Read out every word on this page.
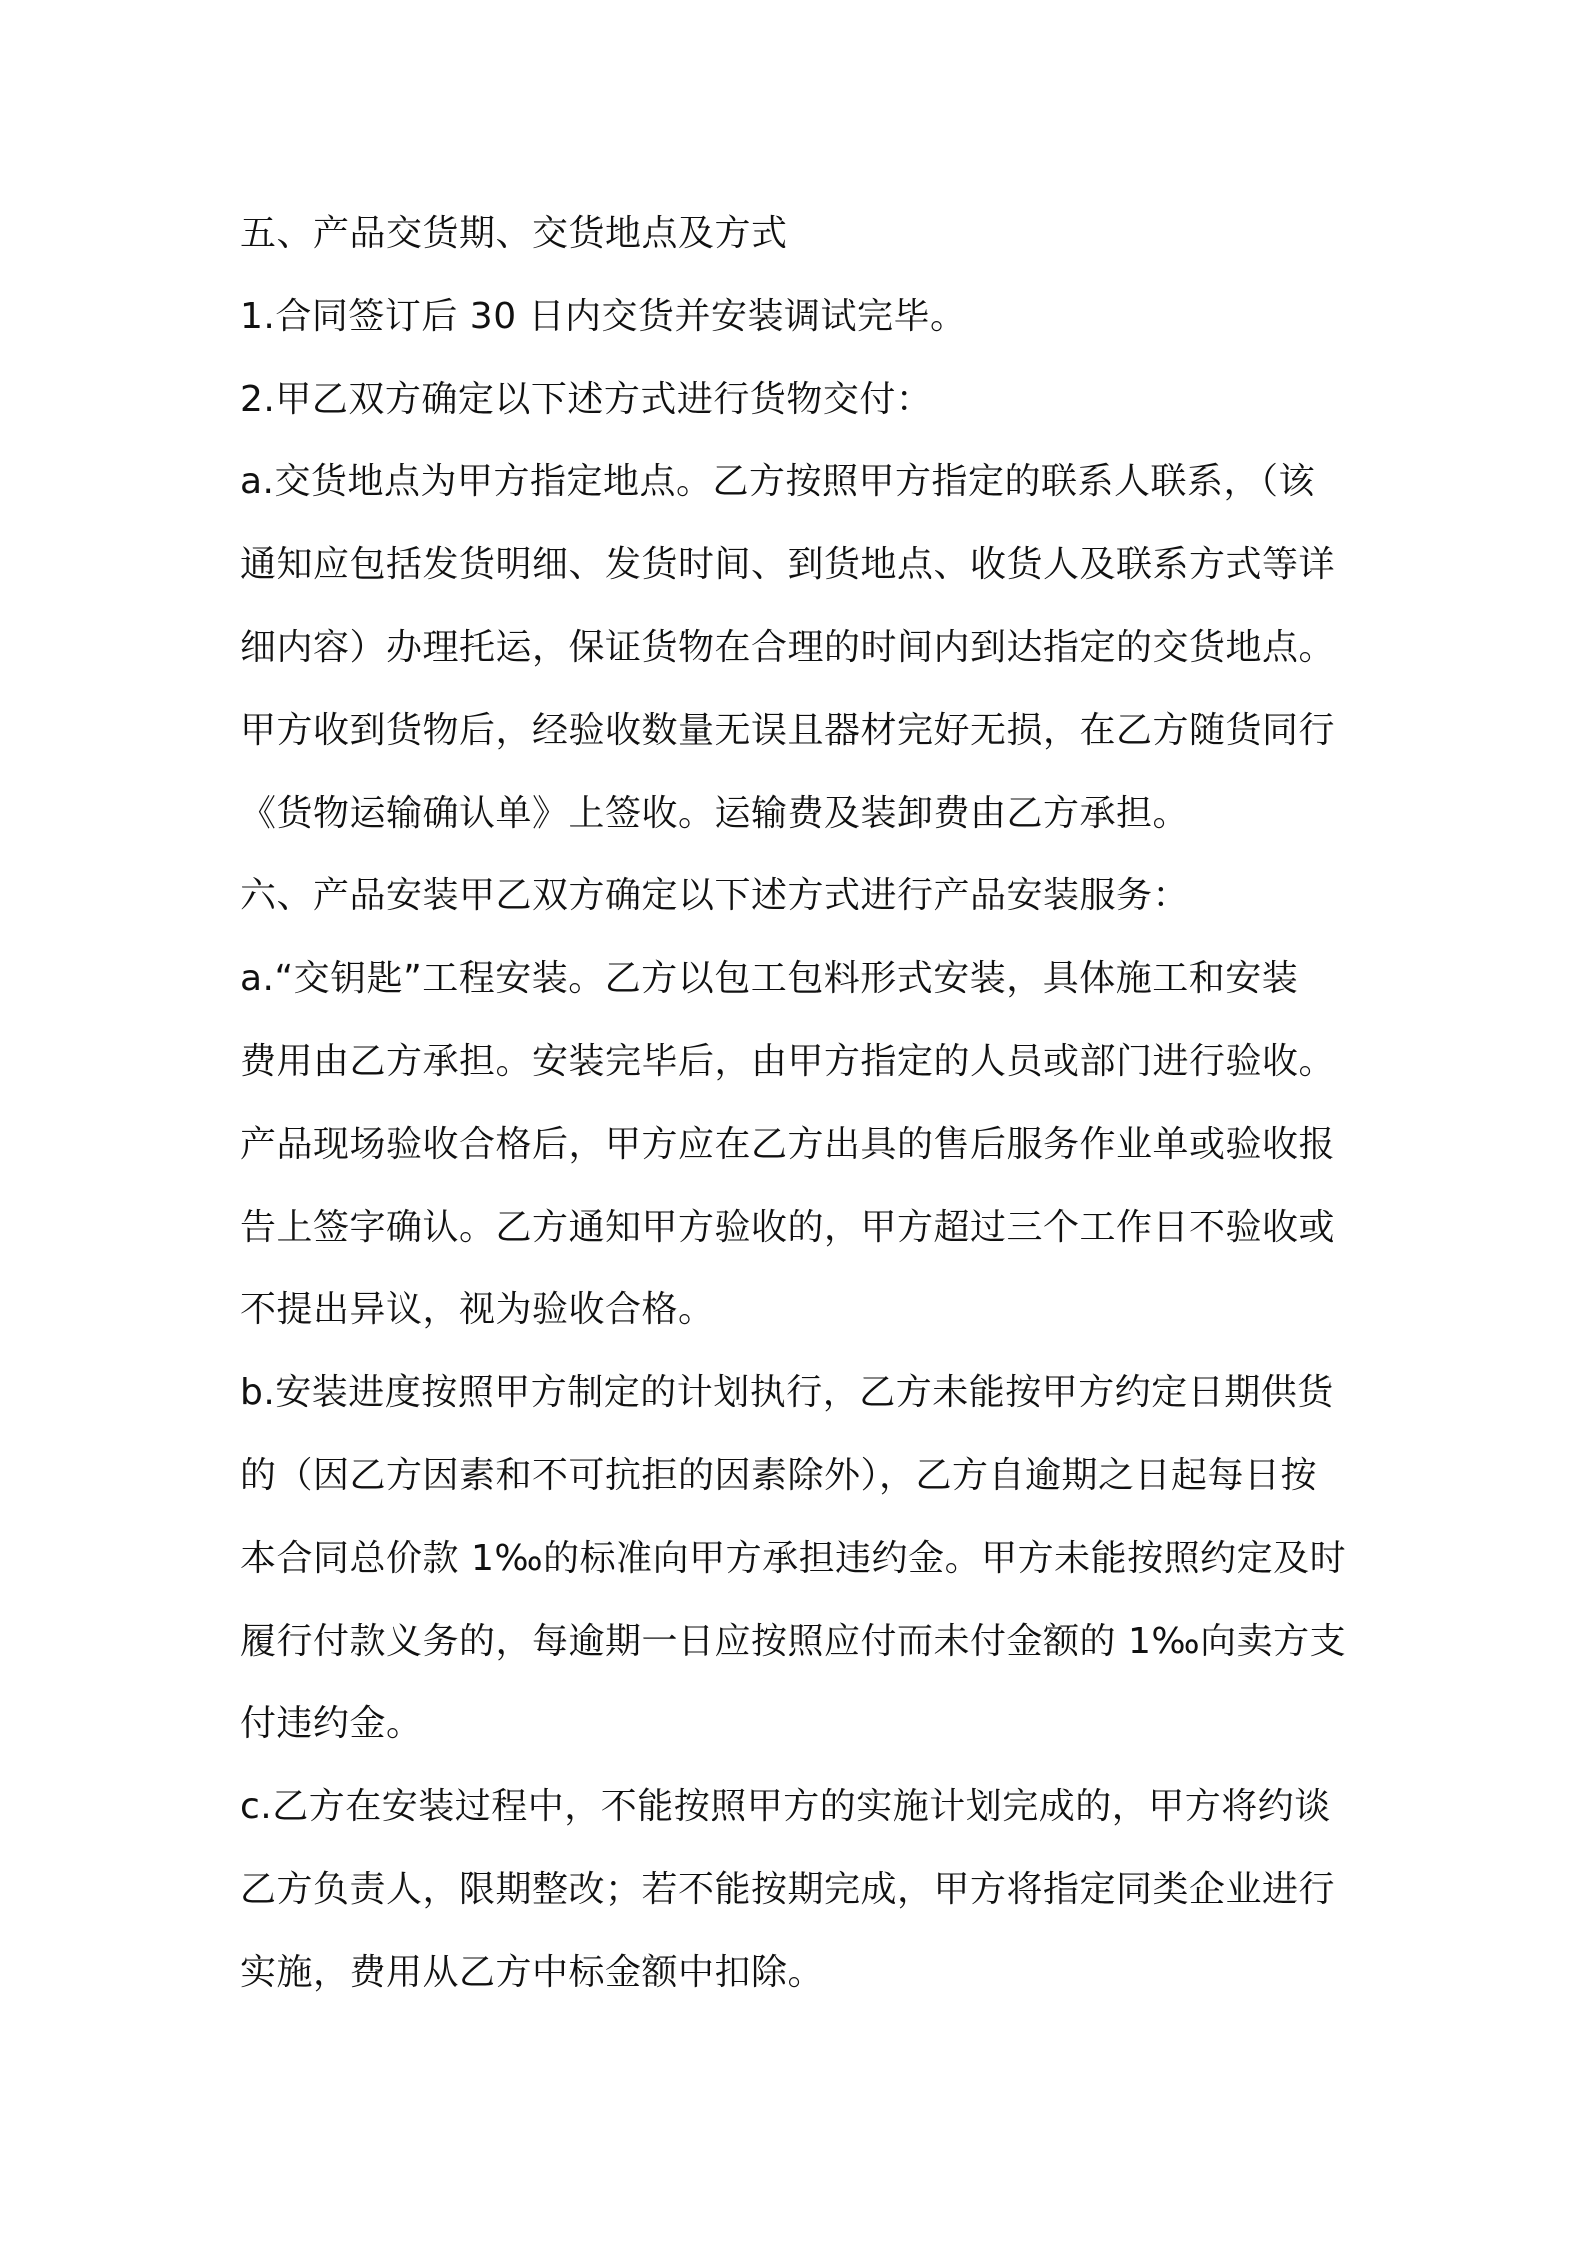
五、产品交货期、交货地点及方式
1.合同签订后 30 日内交货并安装调试完毕。
2.甲乙双方确定以下述方式进行货物交付：
a.交货地点为甲方指定地点。乙方按照甲方指定的联系人联系，（该
通知应包括发货明细、发货时间、到货地点、收货人及联系方式等详
细内容）办理托运，保证货物在合理的时间内到达指定的交货地点。
甲方收到货物后，经验收数量无误且器材完好无损，在乙方随货同行
《货物运输确认单》上签收。运输费及装卸费由乙方承担。
六、产品安装甲乙双方确定以下述方式进行产品安装服务：
a.“交钥匙”工程安装。乙方以包工包料形式安装，具体施工和安装
费用由乙方承担。安装完毕后，由甲方指定的人员或部门进行验收。
产品现场验收合格后，甲方应在乙方出具的售后服务作业单或验收报
告上签字确认。乙方通知甲方验收的，甲方超过三个工作日不验收或
不提出异议，视为验收合格。
b.安装进度按照甲方制定的计划执行，乙方未能按甲方约定日期供货
的（因乙方因素和不可抗拒的因素除外），乙方自逾期之日起每日按
本合同总价款 1‰的标准向甲方承担违约金。甲方未能按照约定及时
履行付款义务的，每逾期一日应按照应付而未付金额的 1‰向卖方支
付违约金。
c.乙方在安装过程中，不能按照甲方的实施计划完成的，甲方将约谈
乙方负责人，限期整改；若不能按期完成，甲方将指定同类企业进行
实施，费用从乙方中标金额中扣除。
